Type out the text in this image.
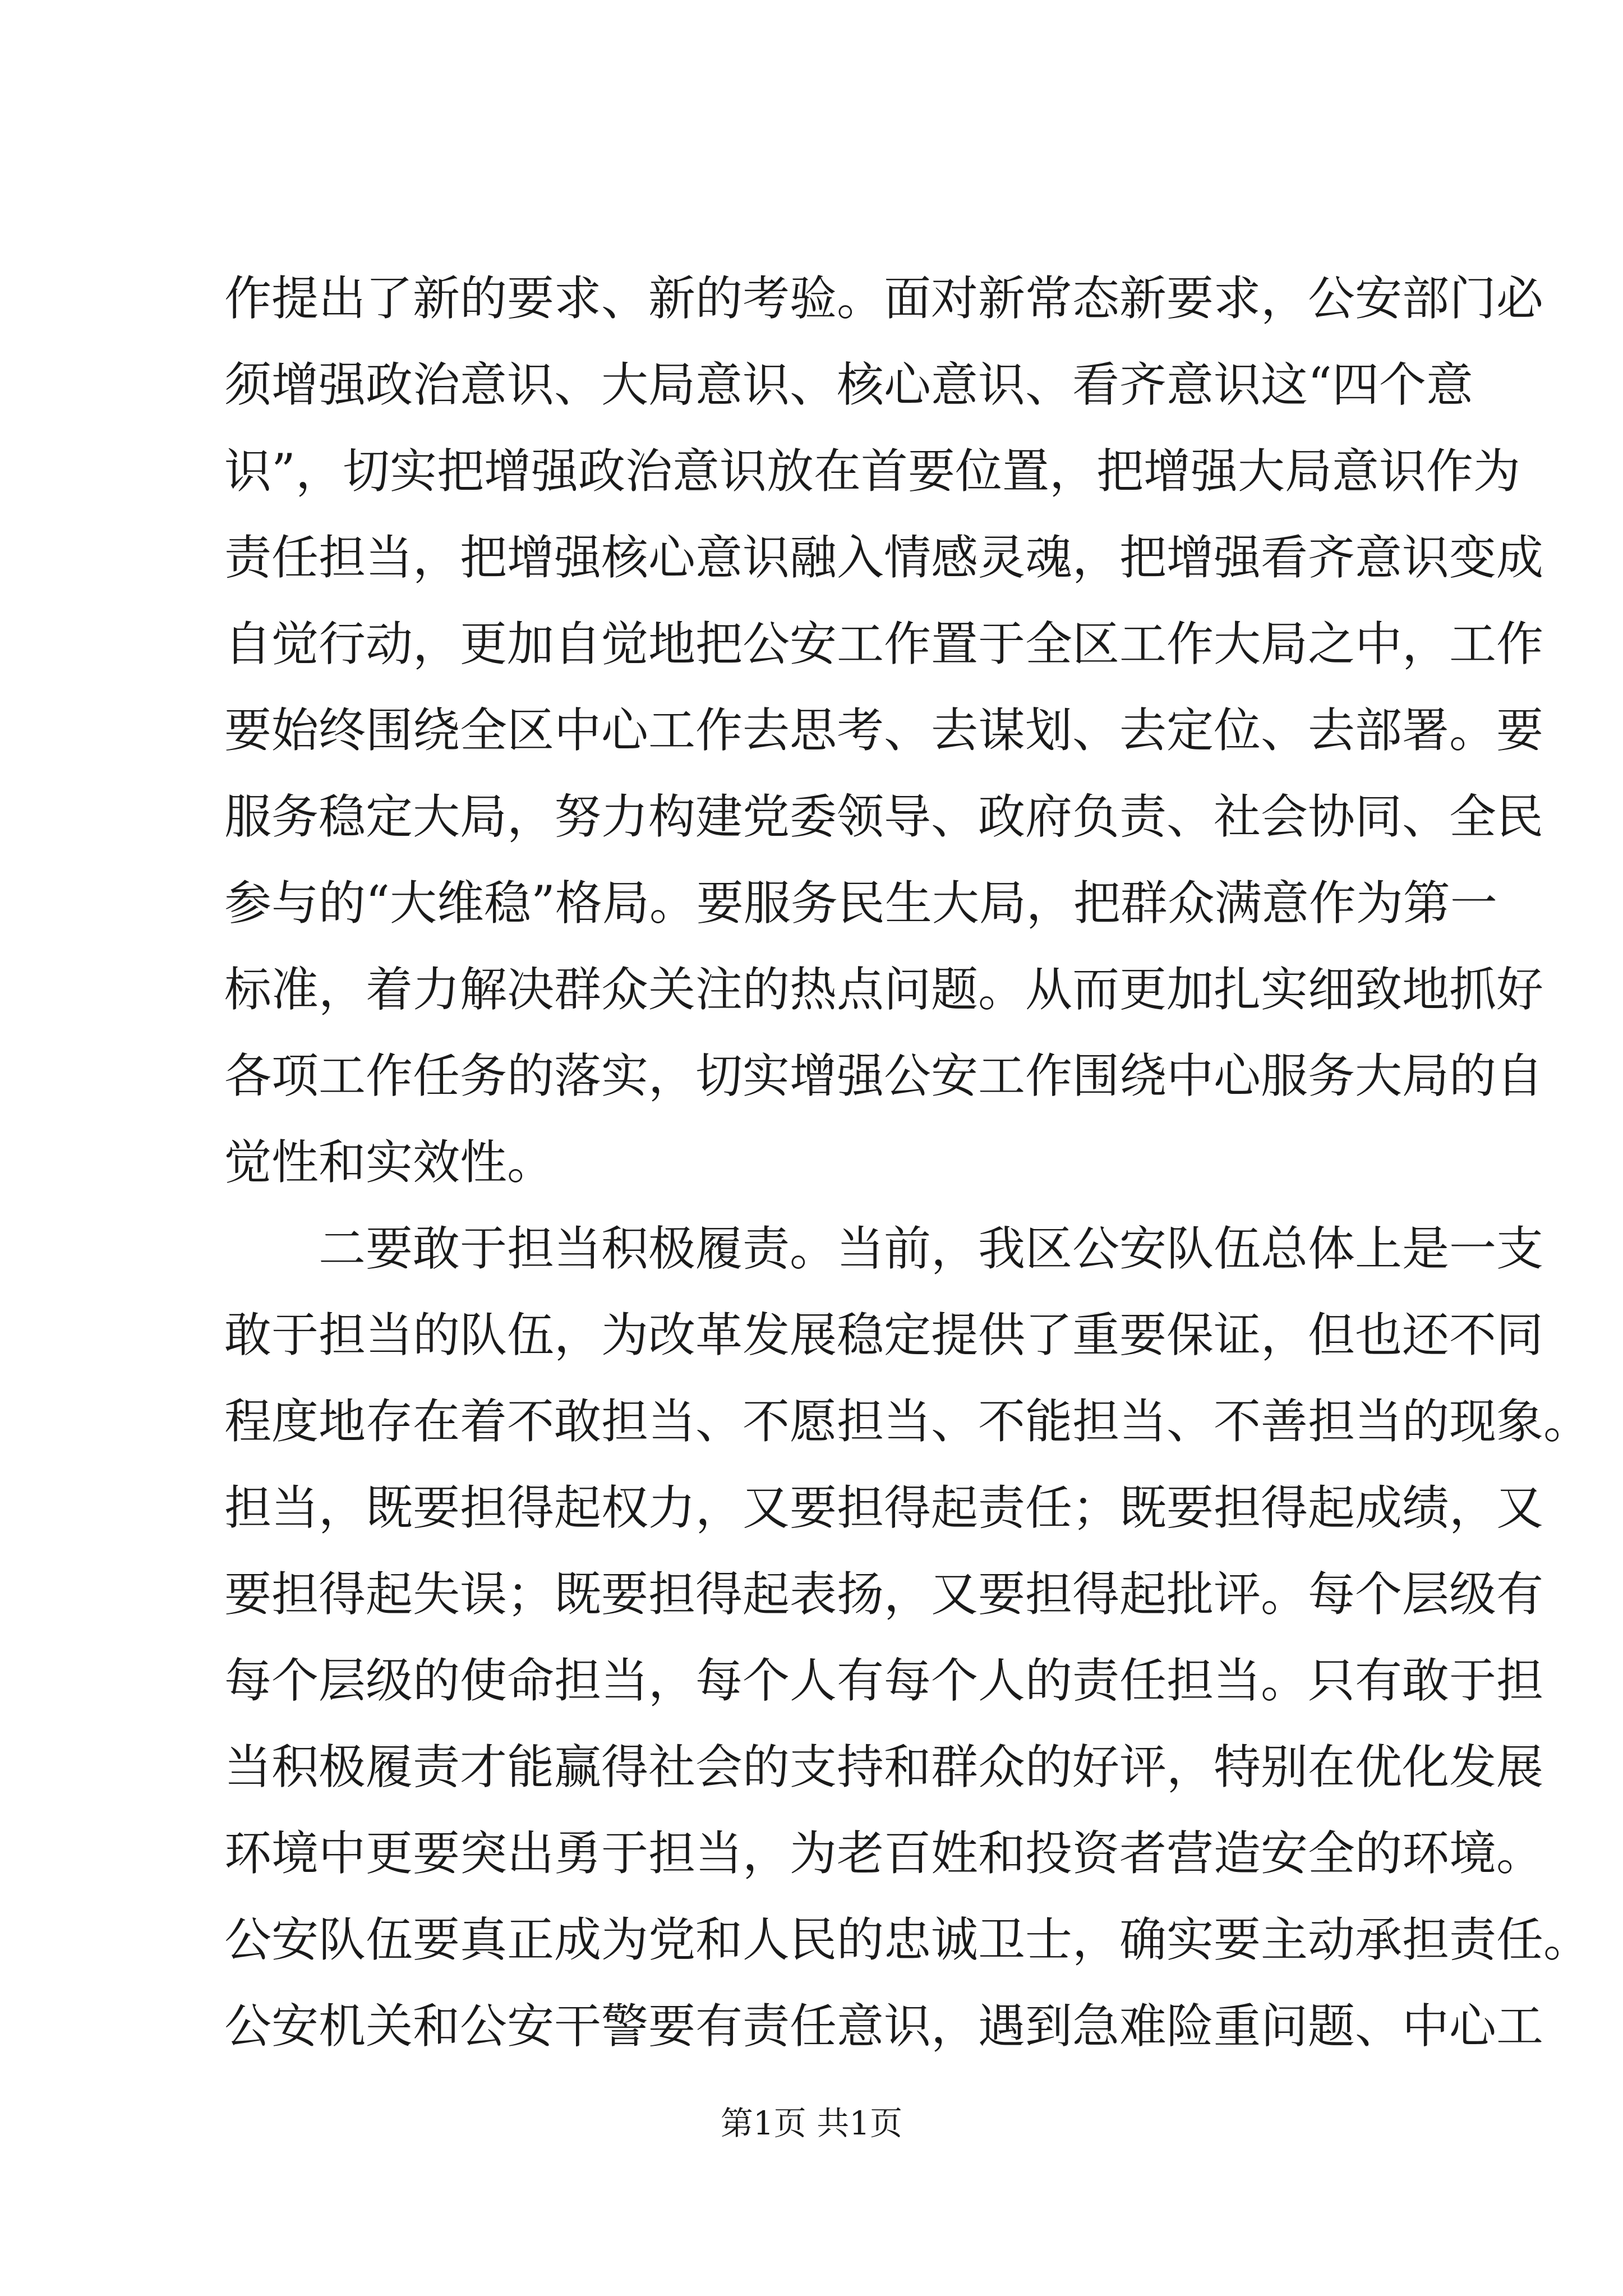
作提出了新的要求、新的考验。面对新常态新要求，公安部门必
须增强政治意识、大局意识、核心意识、看齐意识这“四个意
识”，切实把增强政治意识放在首要位置，把增强大局意识作为
责任担当，把增强核心意识融入情感灵魂，把增强看齐意识变成
自觉行动，更加自觉地把公安工作置于全区工作大局之中，工作
要始终围绕全区中心工作去思考、去谋划、去定位、去部署。要
服务稳定大局，努力构建党委领导、政府负责、社会协同、全民
参与的“大维稳”格局。要服务民生大局，把群众满意作为第一
标准，着力解决群众关注的热点问题。从而更加扎实细致地抓好
各项工作任务的落实，切实增强公安工作围绕中心服务大局的自
觉性和实效性。
　　二要敢于担当积极履责。当前，我区公安队伍总体上是一支
敢于担当的队伍，为改革发展稳定提供了重要保证，但也还不同
程度地存在着不敢担当、不愿担当、不能担当、不善担当的现象。
担当，既要担得起权力，又要担得起责任；既要担得起成绩，又
要担得起失误；既要担得起表扬，又要担得起批评。每个层级有
每个层级的使命担当，每个人有每个人的责任担当。只有敢于担
当积极履责才能赢得社会的支持和群众的好评，特别在优化发展
环境中更要突出勇于担当，为老百姓和投资者营造安全的环境。
公安队伍要真正成为党和人民的忠诚卫士，确实要主动承担责任。
公安机关和公安干警要有责任意识，遇到急难险重问题、中心工
第1页 共1页
